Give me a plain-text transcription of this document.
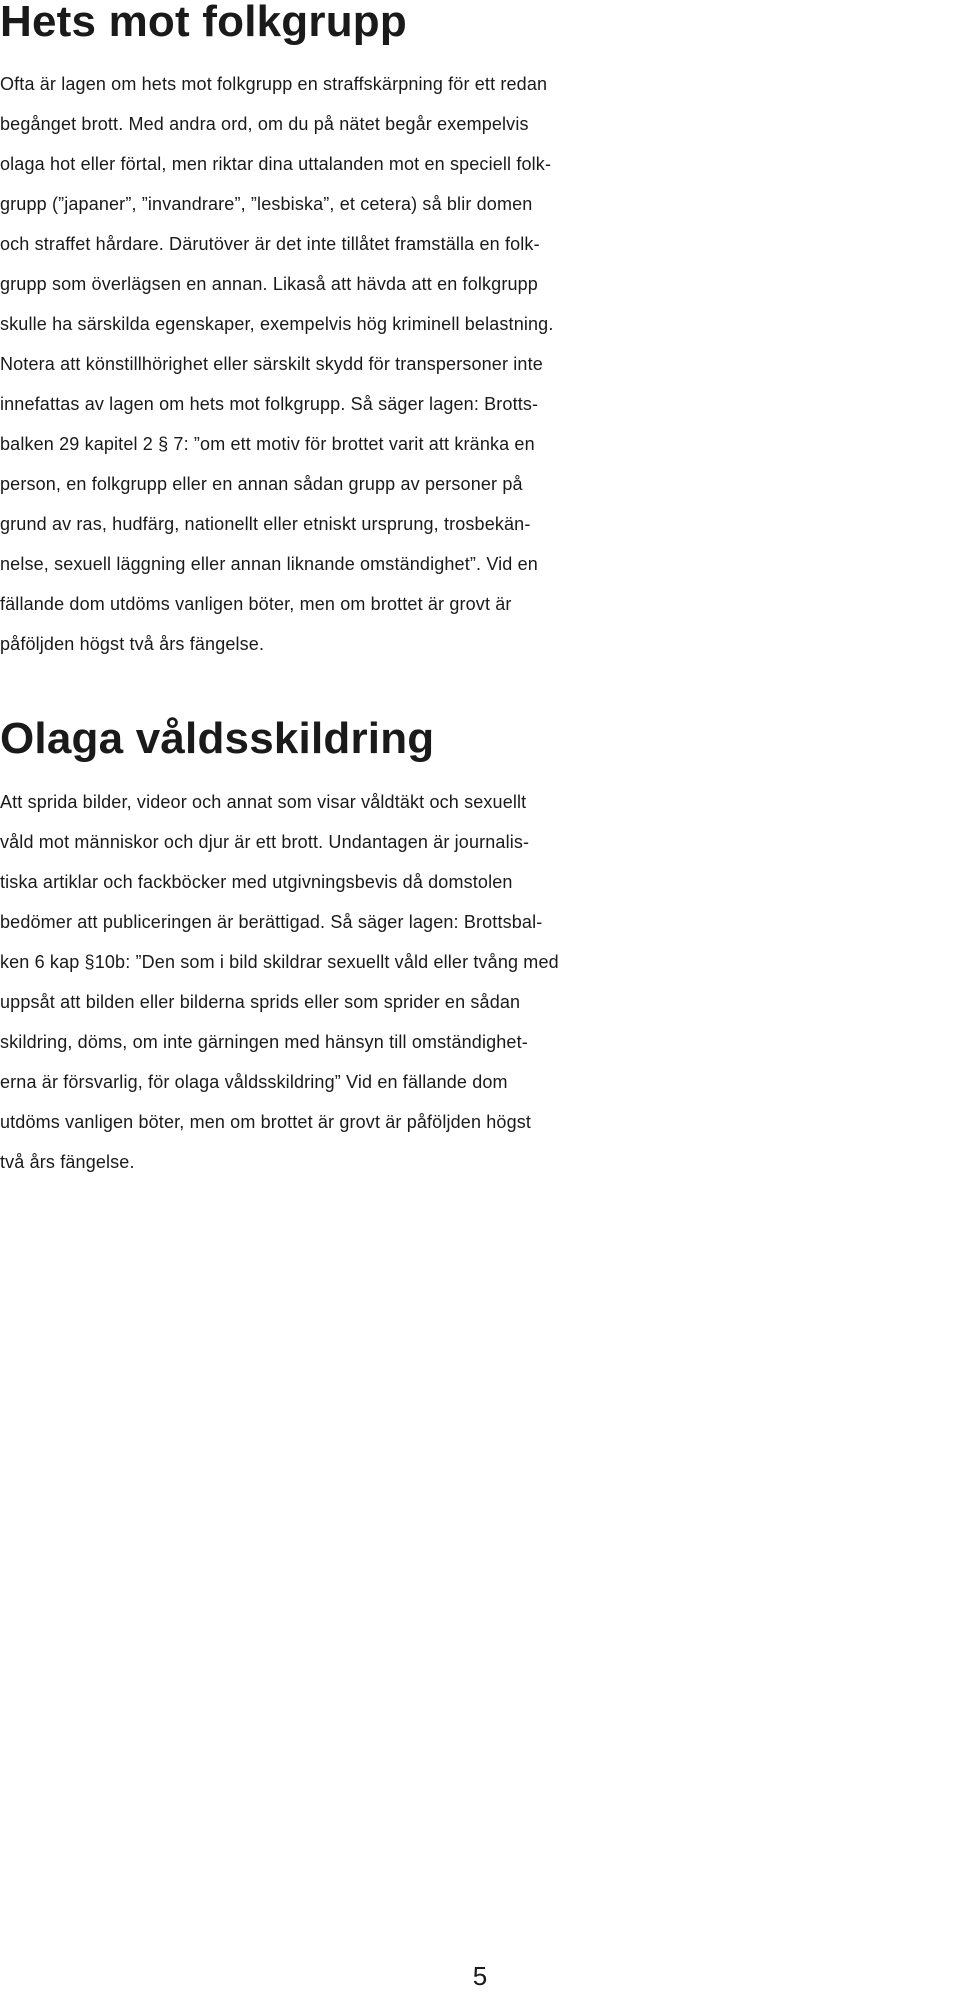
Hets mot folkgrupp
Ofta är lagen om hets mot folkgrupp en straffskärpning för ett redan
begånget brott. Med andra ord, om du på nätet begår exempelvis
olaga hot eller förtal, men riktar dina uttalanden mot en speciell folk-
grupp (”japaner”, ”invandrare”, ”lesbiska”, et cetera) så blir domen
och straffet hårdare. Därutöver är det inte tillåtet framställa en folk-
grupp som överlägsen en annan. Likaså att hävda att en folkgrupp
skulle ha särskilda egenskaper, exempelvis hög kriminell belastning.
Notera att könstillhörighet eller särskilt skydd för transpersoner inte
innefattas av lagen om hets mot folkgrupp. Så säger lagen: Brotts-
balken 29 kapitel 2 § 7: ”om ett motiv för brottet varit att kränka en
person, en folkgrupp eller en annan sådan grupp av personer på
grund av ras, hudfärg, nationellt eller etniskt ursprung, trosbekän-
nelse, sexuell läggning eller annan liknande omständighet”. Vid en
fällande dom utdöms vanligen böter, men om brottet är grovt är
påföljden högst två års fängelse.
Olaga våldsskildring
Att sprida bilder, videor och annat som visar våldtäkt och sexuellt
våld mot människor och djur är ett brott. Undantagen är journalis-
tiska artiklar och fackböcker med utgivningsbevis då domstolen
bedömer att publiceringen är berättigad. Så säger lagen: Brottsbal-
ken 6 kap §10b: ”Den som i bild skildrar sexuellt våld eller tvång med
uppsåt att bilden eller bilderna sprids eller som sprider en sådan
skildring, döms, om inte gärningen med hänsyn till omständighet-
erna är försvarlig, för olaga våldsskildring” Vid en fällande dom
utdöms vanligen böter, men om brottet är grovt är påföljden högst
två års fängelse.
5
